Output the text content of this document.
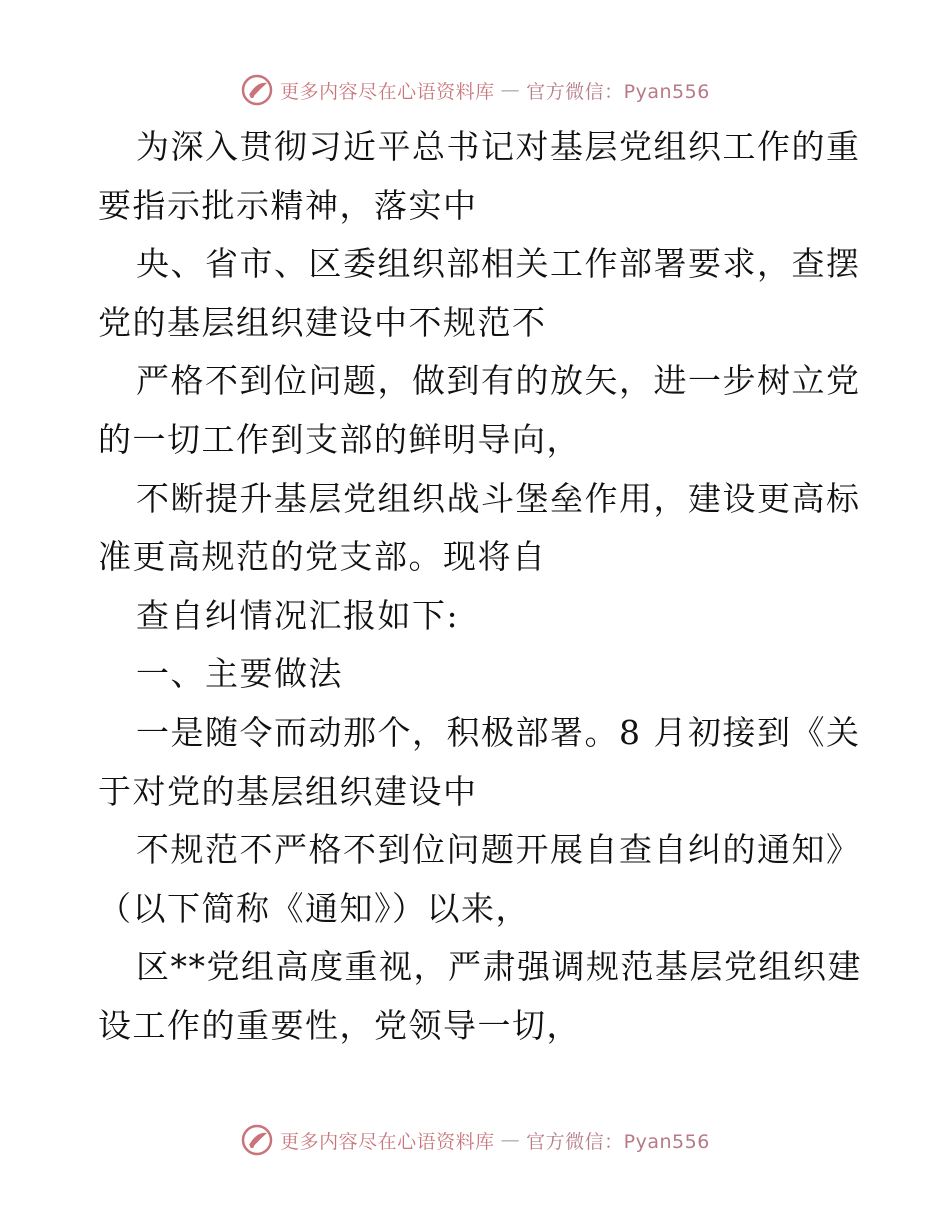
更多内容尽在心语资料库 — 官方微信：Pyan556
为深入贯彻习近平总书记对基层党组织工作的重
要指示批示精神，落实中
央、省市、区委组织部相关工作部署要求，查摆
党的基层组织建设中不规范不
严格不到位问题，做到有的放矢，进一步树立党
的一切工作到支部的鲜明导向，
不断提升基层党组织战斗堡垒作用，建设更高标
准更高规范的党支部。现将自
查自纠情况汇报如下:
一、主要做法
一是随令而动那个，积极部署。8 月初接到《关
于对党的基层组织建设中
不规范不严格不到位问题开展自查自纠的通知》
（以下简称《通知》）以来，
区**党组高度重视，严肃强调规范基层党组织建
设工作的重要性，党领导一切，
更多内容尽在心语资料库 — 官方微信：Pyan556
